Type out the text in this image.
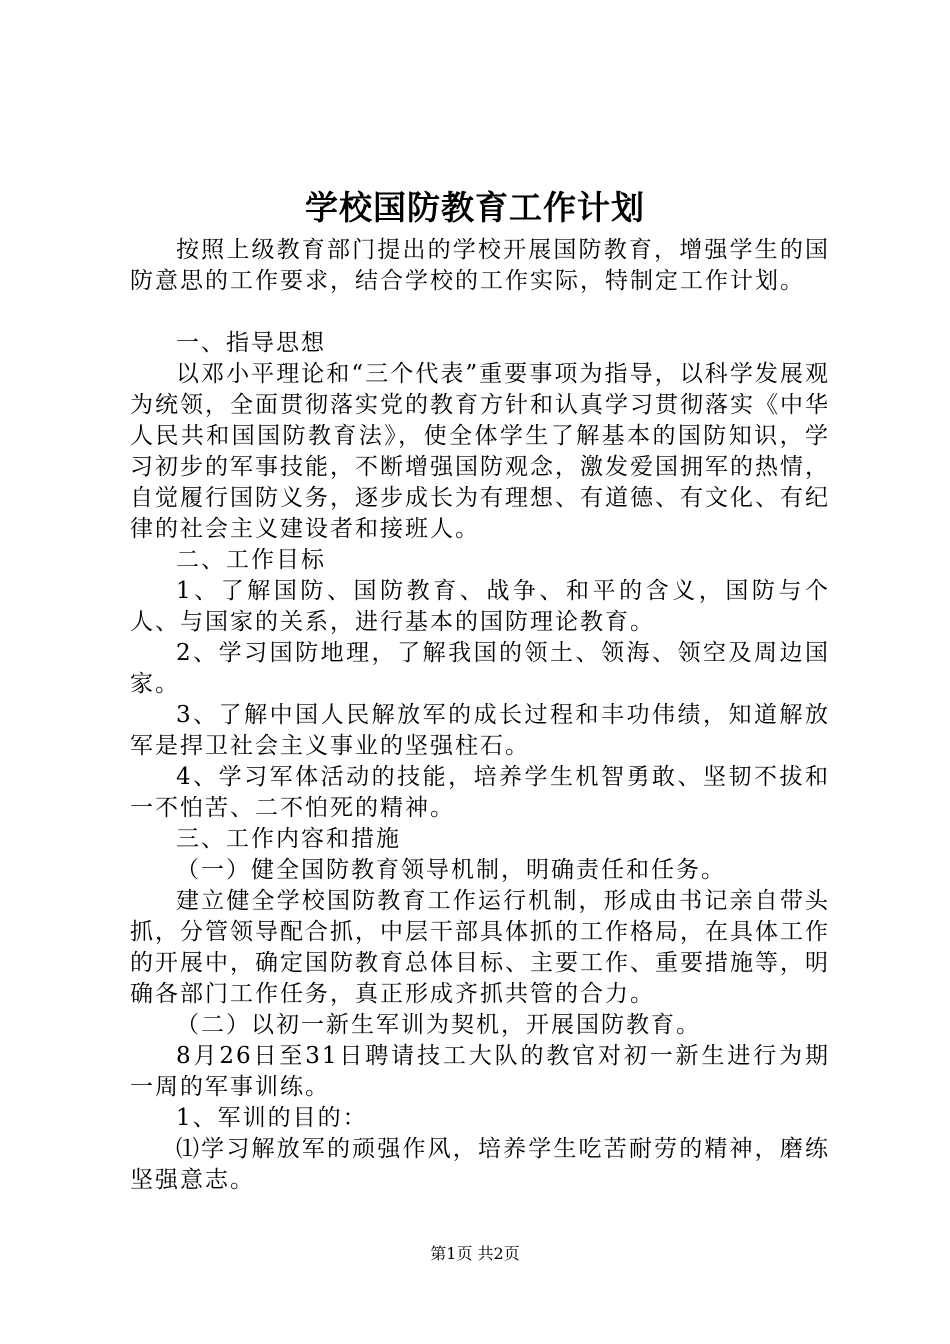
学校国防教育工作计划

按照上级教育部门提出的学校开展国防教育，增强学生的国防意思的工作要求，结合学校的工作实际，特制定工作计划。

一、指导思想

以邓小平理论和“三个代表”重要事项为指导，以科学发展观为统领，全面贯彻落实党的教育方针和认真学习贯彻落实《中华人民共和国国防教育法》，使全体学生了解基本的国防知识，学习初步的军事技能，不断增强国防观念，激发爱国拥军的热情，自觉履行国防义务，逐步成长为有理想、有道德、有文化、有纪律的社会主义建设者和接班人。

二、工作目标

1、了解国防、国防教育、战争、和平的含义，国防与个人、与国家的关系，进行基本的国防理论教育。

2、学习国防地理，了解我国的领土、领海、领空及周边国家。

3、了解中国人民解放军的成长过程和丰功伟绩，知道解放军是捍卫社会主义事业的坚强柱石。

4、学习军体活动的技能，培养学生机智勇敢、坚韧不拔和一不怕苦、二不怕死的精神。

三、工作内容和措施

（一）健全国防教育领导机制，明确责任和任务。

建立健全学校国防教育工作运行机制，形成由书记亲自带头抓，分管领导配合抓，中层干部具体抓的工作格局，在具体工作的开展中，确定国防教育总体目标、主要工作、重要措施等，明确各部门工作任务，真正形成齐抓共管的合力。

（二）以初一新生军训为契机，开展国防教育。

8月26日至31日聘请技工大队的教官对初一新生进行为期一周的军事训练。

1、军训的目的：

⑴学习解放军的顽强作风，培养学生吃苦耐劳的精神，磨练坚强意志。

第1页 共2页
